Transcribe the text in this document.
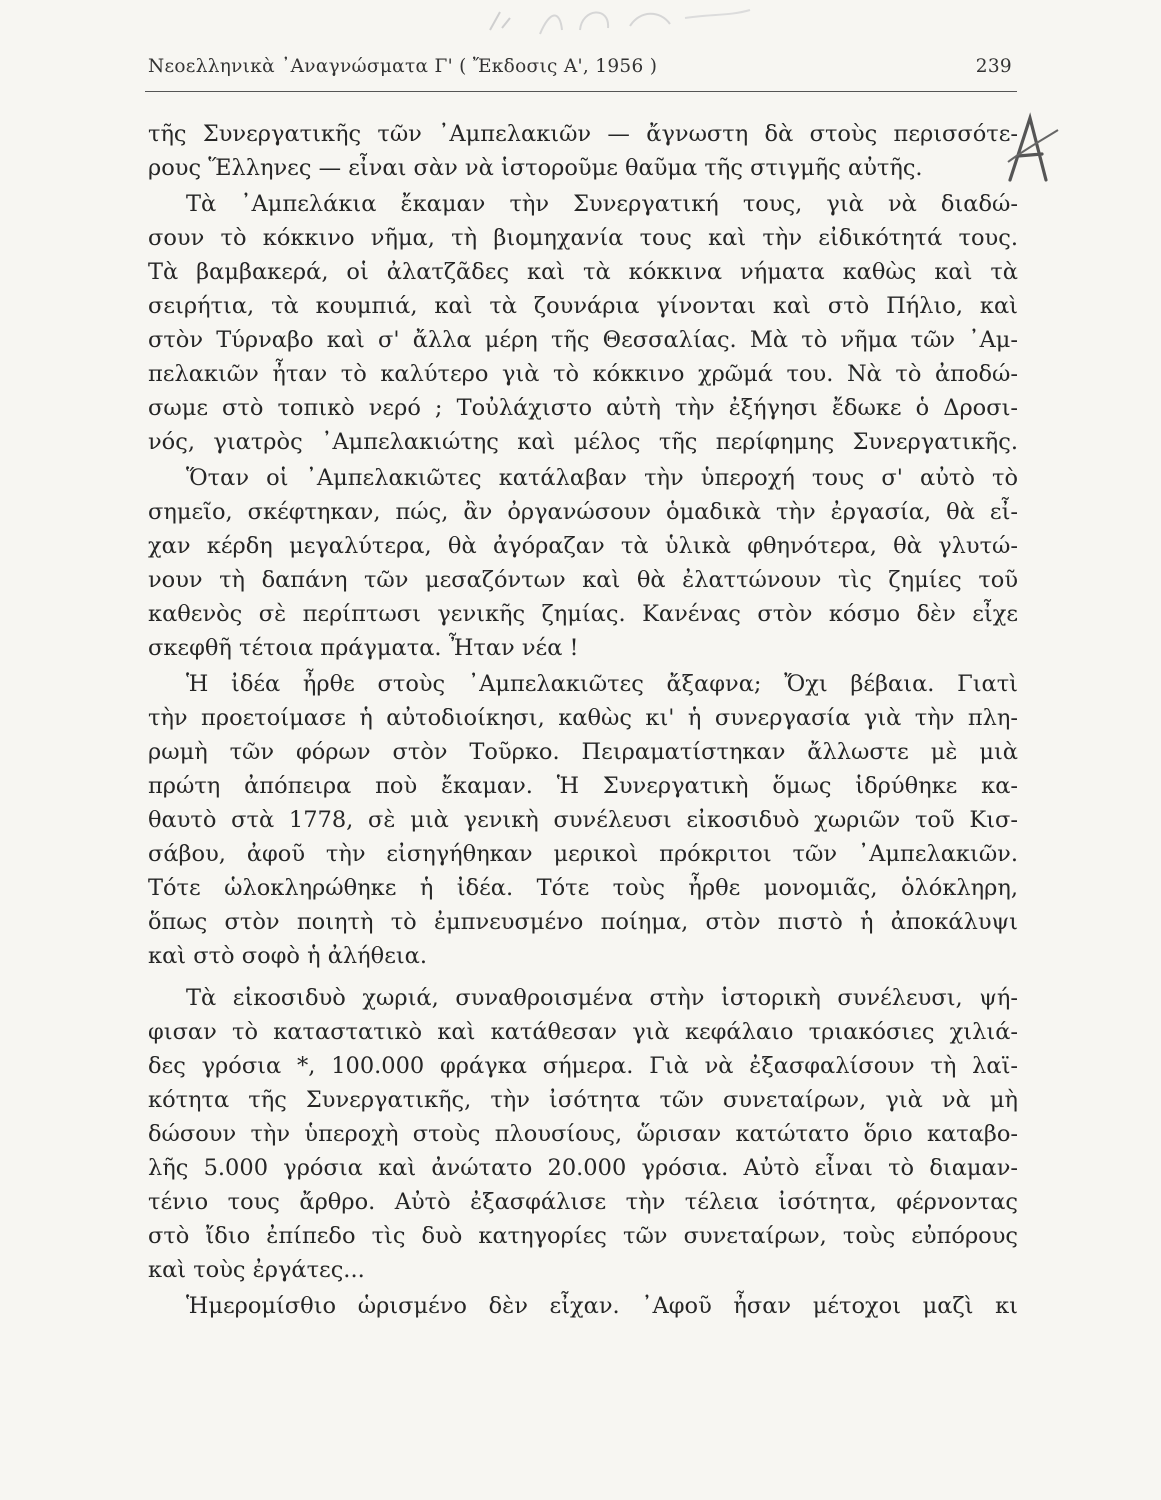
Νεοελληνικὰ ᾿Αναγνώσματα Γ' ( Ἔκδοσις Α', 1956 )	239
τῆς Συνεργατικῆς τῶν ᾿Αμπελακιῶν — ἄγνωστη δὰ στοὺς περισσότε-
ρους Ἕλληνες — εἶναι σὰν νὰ ἱστοροῦμε θαῦμα τῆς στιγμῆς αὐτῆς.
Τὰ ᾿Αμπελάκια ἔκαμαν τὴν Συνεργατική τους, γιὰ νὰ διαδώ-
σουν τὸ κόκκινο νῆμα, τὴ βιομηχανία τους καὶ τὴν εἰδικότητά τους.
Τὰ βαμβακερά, οἱ ἀλατζᾶδες καὶ τὰ κόκκινα νήματα καθὼς καὶ τὰ
σειρήτια, τὰ κουμπιά, καὶ τὰ ζουνάρια γίνονται καὶ στὸ Πήλιο, καὶ
στὸν Τύρναβο καὶ σ' ἄλλα μέρη τῆς Θεσσαλίας. Μὰ τὸ νῆμα τῶν ᾿Αμ-
πελακιῶν ἦταν τὸ καλύτερο γιὰ τὸ κόκκινο χρῶμά του. Νὰ τὸ ἀποδώ-
σωμε στὸ τοπικὸ νερό ; Τοὐλάχιστο αὐτὴ τὴν ἐξήγησι ἔδωκε ὁ Δροσι-
νός, γιατρὸς ᾿Αμπελακιώτης καὶ μέλος τῆς περίφημης Συνεργατικῆς.
Ὅταν οἱ ᾿Αμπελακιῶτες κατάλαβαν τὴν ὑπεροχή τους σ' αὐτὸ τὸ
σημεῖο, σκέφτηκαν, πώς, ἂν ὀργανώσουν ὁμαδικὰ τὴν ἐργασία, θὰ εἶ-
χαν κέρδη μεγαλύτερα, θὰ ἀγόραζαν τὰ ὑλικὰ φθηνότερα, θὰ γλυτώ-
νουν τὴ δαπάνη τῶν μεσαζόντων καὶ θὰ ἐλαττώνουν τὶς ζημίες τοῦ
καθενὸς σὲ περίπτωσι γενικῆς ζημίας. Κανένας στὸν κόσμο δὲν εἶχε
σκεφθῆ τέτοια πράγματα. Ἦταν νέα !
Ἡ ἰδέα ἦρθε στοὺς ᾿Αμπελακιῶτες ἄξαφνα; Ὄχι βέβαια. Γιατὶ
τὴν προετοίμασε ἡ αὐτοδιοίκησι, καθὼς κι' ἡ συνεργασία γιὰ τὴν πλη-
ρωμὴ τῶν φόρων στὸν Τοῦρκο. Πειραματίστηκαν ἄλλωστε μὲ μιὰ
πρώτη ἀπόπειρα ποὺ ἔκαμαν. Ἡ Συνεργατικὴ ὅμως ἱδρύθηκε κα-
θαυτὸ στὰ 1778, σὲ μιὰ γενικὴ συνέλευσι εἰκοσιδυὸ χωριῶν τοῦ Κισ-
σάβου, ἀφοῦ τὴν εἰσηγήθηκαν μερικοὶ πρόκριτοι τῶν ᾿Αμπελακιῶν.
Τότε ὡλοκληρώθηκε ἡ ἰδέα. Τότε τοὺς ἦρθε μονομιᾶς, ὁλόκληρη,
ὅπως στὸν ποιητὴ τὸ ἐμπνευσμένο ποίημα, στὸν πιστὸ ἡ ἀποκάλυψι
καὶ στὸ σοφὸ ἡ ἀλήθεια.
Τὰ εἰκοσιδυὸ χωριά, συναθροισμένα στὴν ἱστορικὴ συνέλευσι, ψή-
φισαν τὸ καταστατικὸ καὶ κατάθεσαν γιὰ κεφάλαιο τριακόσιες χιλιά-
δες γρόσια *, 100.000 φράγκα σήμερα. Γιὰ νὰ ἐξασφαλίσουν τὴ λαϊ-
κότητα τῆς Συνεργατικῆς, τὴν ἰσότητα τῶν συνεταίρων, γιὰ νὰ μὴ
δώσουν τὴν ὑπεροχὴ στοὺς πλουσίους, ὥρισαν κατώτατο ὅριο καταβο-
λῆς 5.000 γρόσια καὶ ἀνώτατο 20.000 γρόσια. Αὐτὸ εἶναι τὸ διαμαν-
τένιο τους ἄρθρο. Αὐτὸ ἐξασφάλισε τὴν τέλεια ἰσότητα, φέρνοντας
στὸ ἴδιο ἐπίπεδο τὶς δυὸ κατηγορίες τῶν συνεταίρων, τοὺς εὐπόρους
καὶ τοὺς ἐργάτες...
Ἡμερομίσθιο ὡρισμένο δὲν εἶχαν. ᾿Αφοῦ ἦσαν μέτοχοι μαζὶ κι
